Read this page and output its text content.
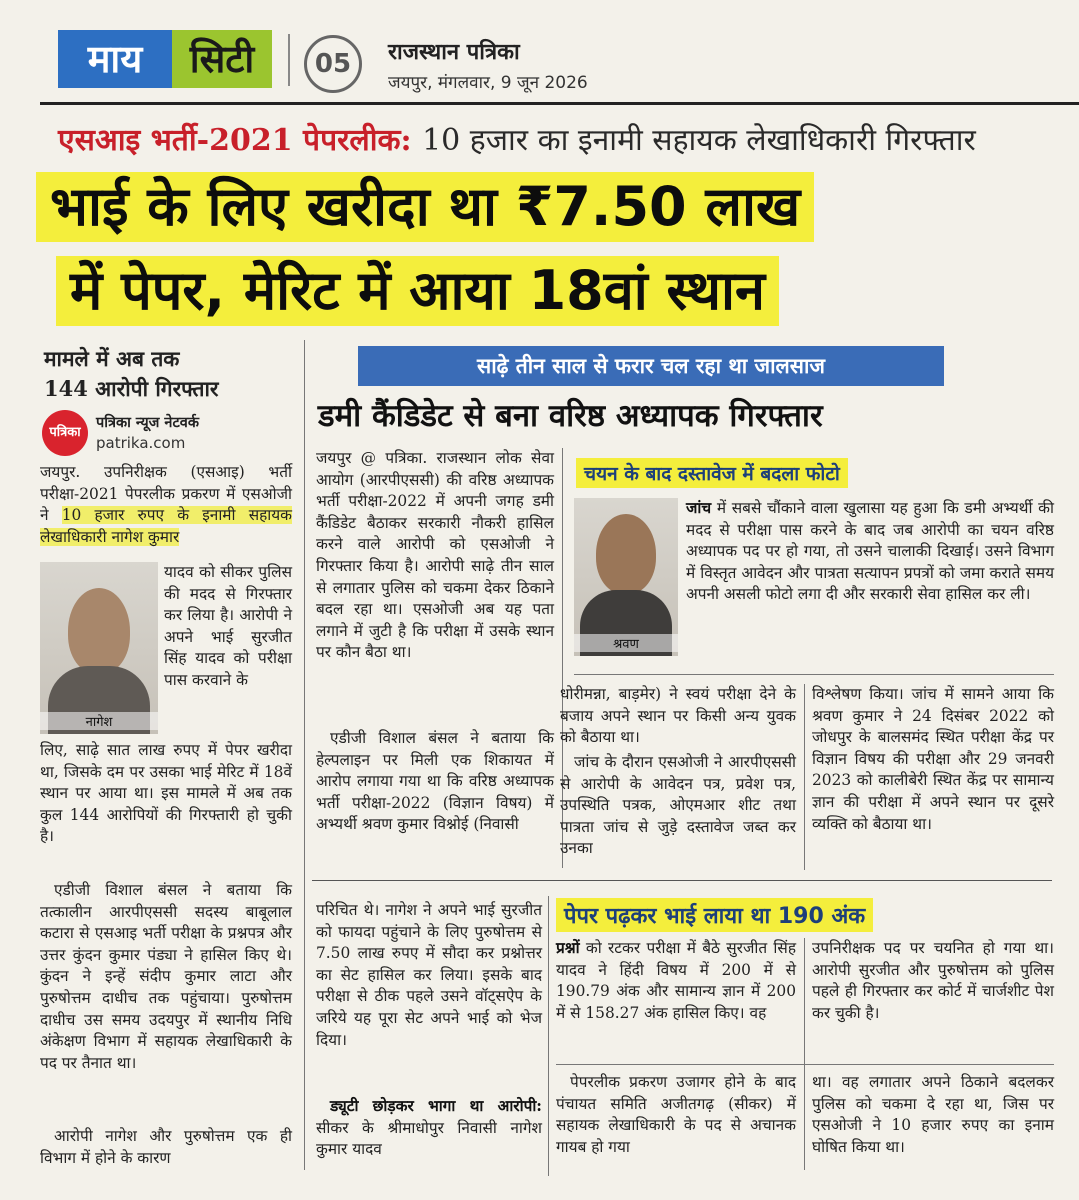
माय	सिटी	05	राजस्थान पत्रिका
जयपुर, मंगलवार, 9 जून 2026
एसआइ भर्ती-2021 पेपरलीक: 10 हजार का इनामी सहायक लेखाधिकारी गिरफ्तार
भाई के लिए खरीदा था ₹7.50 लाख
में पेपर, मेरिट में आया 18वां स्थान
मामले में अब तक
144 आरोपी गिरफ्तार
पत्रिका
पत्रिका न्यूज नेटवर्क
patrika.com

जयपुर. उपनिरीक्षक (एसआइ) भर्ती परीक्षा-2021 पेपरलीक प्रकरण में एसओजी ने 10 हजार रुपए के इनामी सहायक लेखाधिकारी नागेश कुमार

नागेश

यादव को सीकर पुलिस की मदद से गिरफ्तार कर लिया है। आरोपी ने अपने भाई सुरजीत सिंह यादव को परीक्षा पास करवाने के

लिए, साढ़े सात लाख रुपए में पेपर खरीदा था, जिसके दम पर उसका भाई मेरिट में 18वें स्थान पर आया था। इस मामले में अब तक कुल 144 आरोपियों की गिरफ्तारी हो चुकी है।

एडीजी विशाल बंसल ने बताया कि तत्कालीन आरपीएससी सदस्य बाबूलाल कटारा से एसआइ भर्ती परीक्षा के प्रश्नपत्र और उत्तर कुंदन कुमार पंड्या ने हासिल किए थे। कुंदन ने इन्हें संदीप कुमार लाटा और पुरुषोत्तम दाधीच तक पहुंचाया। पुरुषोत्तम दाधीच उस समय उदयपुर में स्थानीय निधि अंकेक्षण विभाग में सहायक लेखाधिकारी के पद पर तैनात था।

आरोपी नागेश और पुरुषोत्तम एक ही विभाग में होने के कारण

साढ़े तीन साल से फरार चल रहा था जालसाज
डमी कैंडिडेट से बना वरिष्ठ अध्यापक गिरफ्तार

जयपुर @ पत्रिका. राजस्थान लोक सेवा आयोग (आरपीएससी) की वरिष्ठ अध्यापक भर्ती परीक्षा-2022 में अपनी जगह डमी कैंडिडेट बैठाकर सरकारी नौकरी हासिल करने वाले आरोपी को एसओजी ने गिरफ्तार किया है। आरोपी साढ़े तीन साल से लगातार पुलिस को चकमा देकर ठिकाने बदल रहा था। एसओजी अब यह पता लगाने में जुटी है कि परीक्षा में उसके स्थान पर कौन बैठा था।

एडीजी विशाल बंसल ने बताया कि हेल्पलाइन पर मिली एक शिकायत में आरोप लगाया गया था कि वरिष्ठ अध्यापक भर्ती परीक्षा-2022 (विज्ञान विषय) में अभ्यर्थी श्रवण कुमार विश्नोई (निवासी

चयन के बाद दस्तावेज में बदला फोटो
श्रवण

जांच में सबसे चौंकाने वाला खुलासा यह हुआ कि डमी अभ्यर्थी की मदद से परीक्षा पास करने के बाद जब आरोपी का चयन वरिष्ठ अध्यापक पद पर हो गया, तो उसने चालाकी दिखाई। उसने विभाग में विस्तृत आवेदन और पात्रता सत्यापन प्रपत्रों को जमा कराते समय अपनी असली फोटो लगा दी और सरकारी सेवा हासिल कर ली।

धोरीमन्ना, बाड़मेर) ने स्वयं परीक्षा देने के बजाय अपने स्थान पर किसी अन्य युवक को बैठाया था।

जांच के दौरान एसओजी ने आरपीएससी से आरोपी के आवेदन पत्र, प्रवेश पत्र, उपस्थिति पत्रक, ओएमआर शीट तथा पात्रता जांच से जुड़े दस्तावेज जब्त कर उनका

विश्लेषण किया। जांच में सामने आया कि श्रवण कुमार ने 24 दिसंबर 2022 को जोधपुर के बालसमंद स्थित परीक्षा केंद्र पर विज्ञान विषय की परीक्षा और 29 जनवरी 2023 को कालीबेरी स्थित केंद्र पर सामान्य ज्ञान की परीक्षा में अपने स्थान पर दूसरे व्यक्ति को बैठाया था।

परिचित थे। नागेश ने अपने भाई सुरजीत को फायदा पहुंचाने के लिए पुरुषोत्तम से 7.50 लाख रुपए में सौदा कर प्रश्नोत्तर का सेट हासिल कर लिया। इसके बाद परीक्षा से ठीक पहले उसने वॉट्सऐप के जरिये यह पूरा सेट अपने भाई को भेज दिया।

ड्यूटी छोड़कर भागा था आरोपी: सीकर के श्रीमाधोपुर निवासी नागेश कुमार यादव

पेपर पढ़कर भाई लाया था 190 अंक

प्रश्नों को रटकर परीक्षा में बैठे सुरजीत सिंह यादव ने हिंदी विषय में 200 में से 190.79 अंक और सामान्य ज्ञान में 200 में से 158.27 अंक हासिल किए। वह

उपनिरीक्षक पद पर चयनित हो गया था। आरोपी सुरजीत और पुरुषोत्तम को पुलिस पहले ही गिरफ्तार कर कोर्ट में चार्जशीट पेश कर चुकी है।

पेपरलीक प्रकरण उजागर होने के बाद पंचायत समिति अजीतगढ़ (सीकर) में सहायक लेखाधिकारी के पद से अचानक गायब हो गया

था। वह लगातार अपने ठिकाने बदलकर पुलिस को चकमा दे रहा था, जिस पर एसओजी ने 10 हजार रुपए का इनाम घोषित किया था।
